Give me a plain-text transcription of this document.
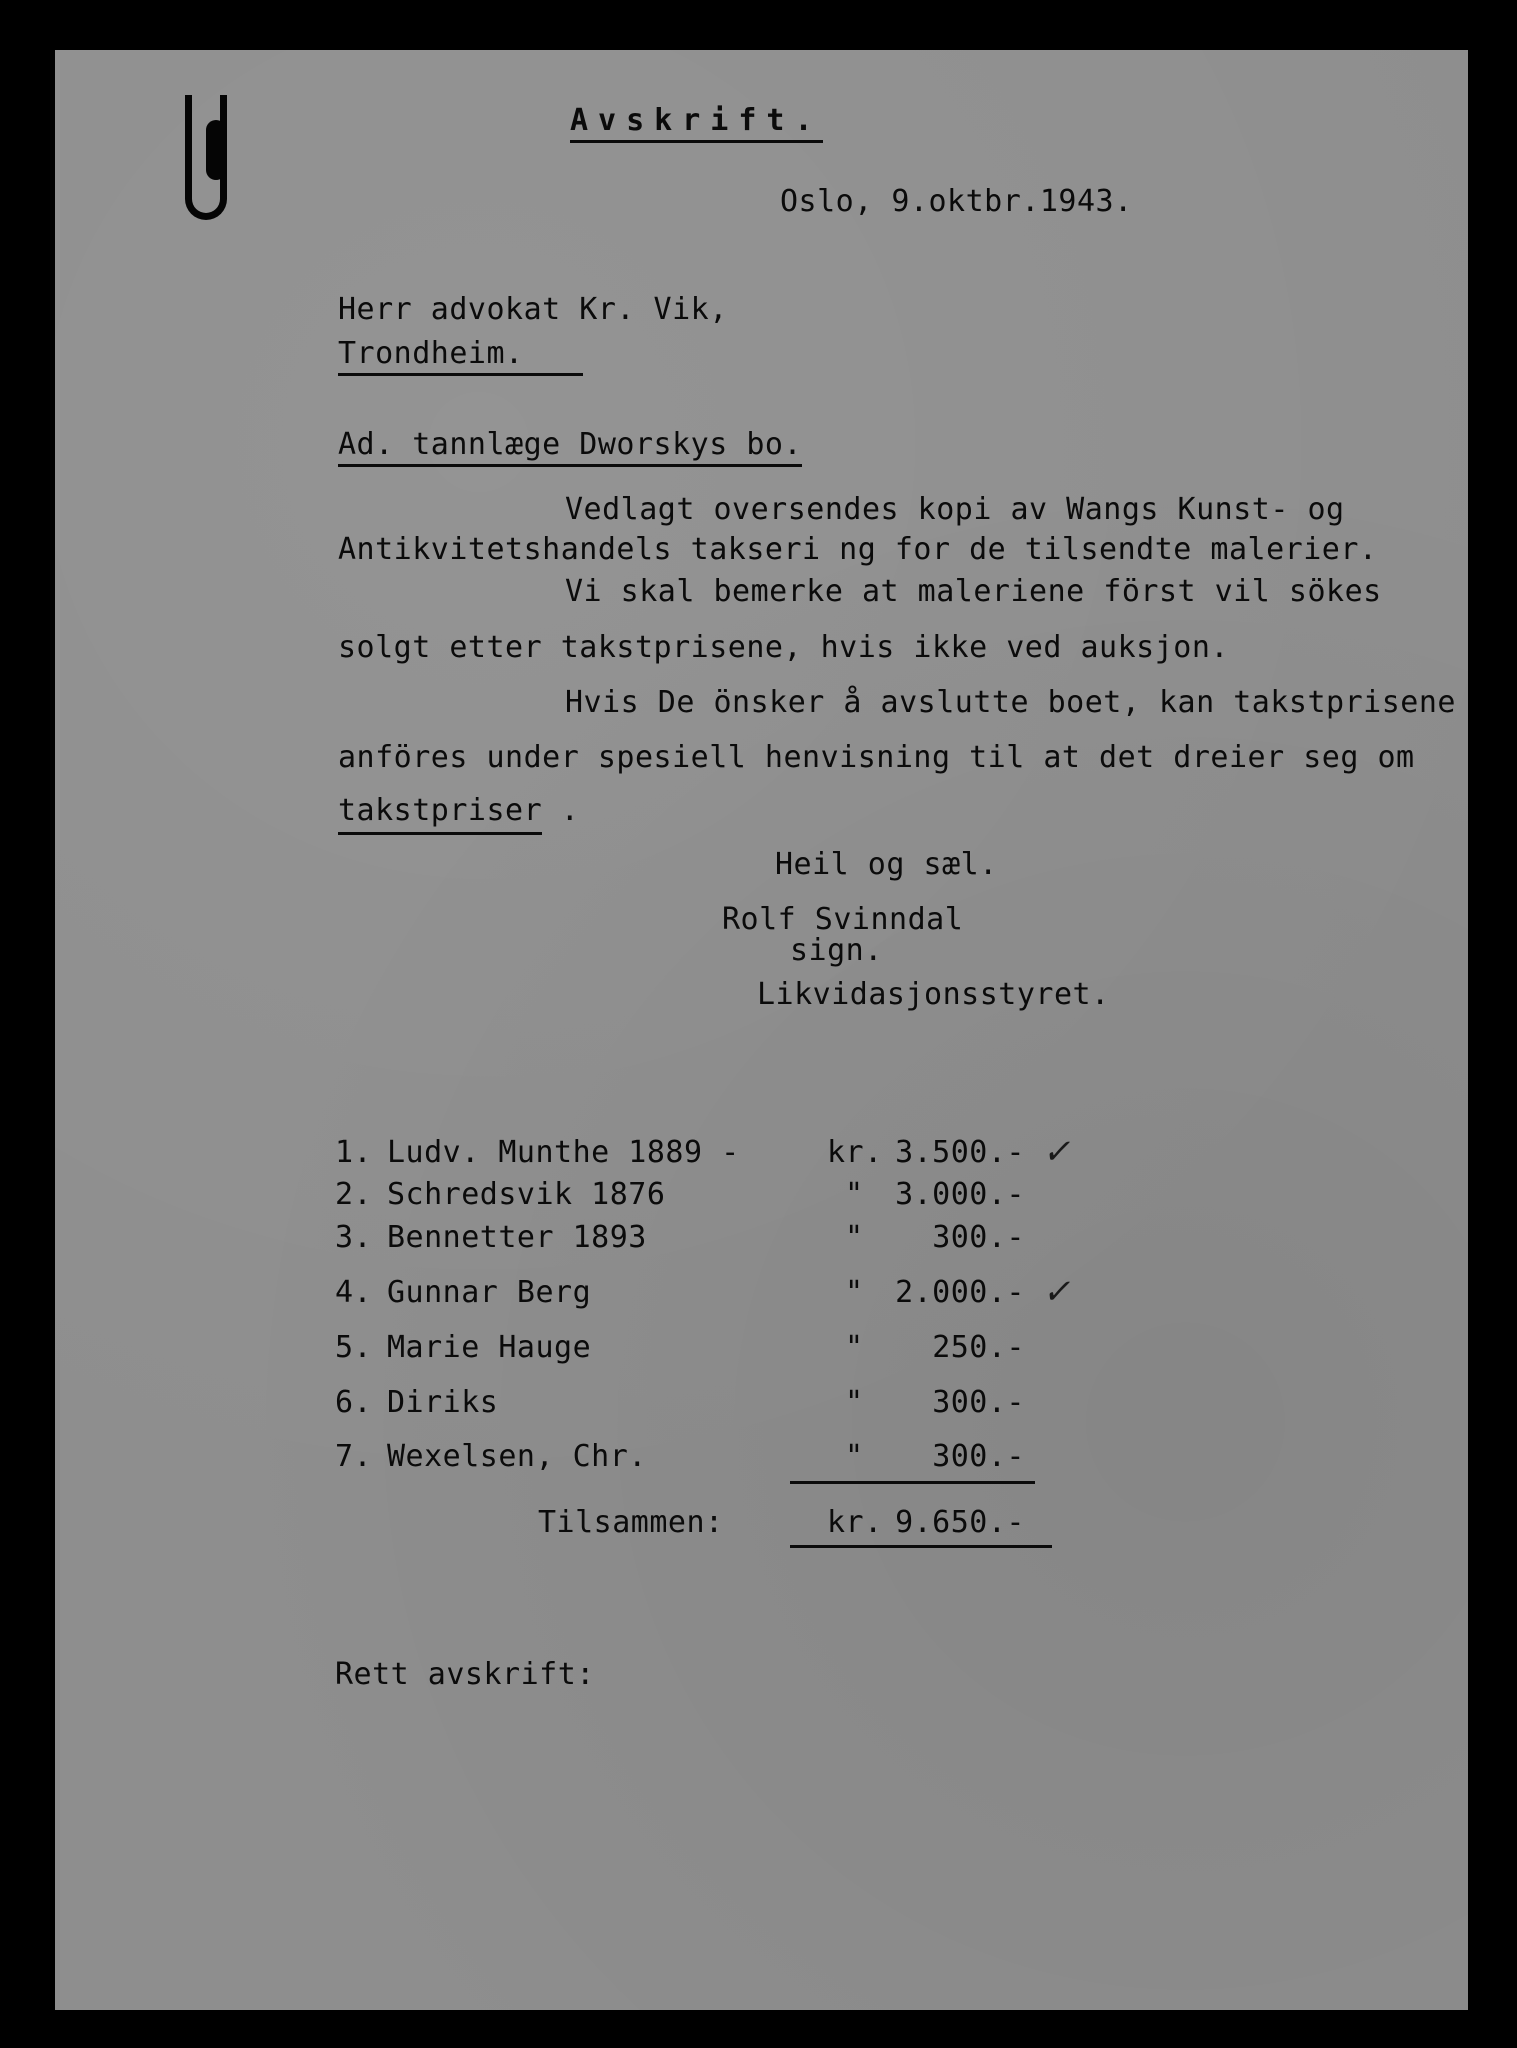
Avskrift.
Oslo, 9.oktbr.1943.
Herr advokat Kr. Vik,
Trondheim.
Ad. tannlæge Dworskys bo.
Vedlagt oversendes kopi av Wangs Kunst- og
Antikvitetshandels takseri ng for de tilsendte malerier.
Vi skal bemerke at maleriene först vil sökes
solgt etter takstprisene, hvis ikke ved auksjon.
Hvis De önsker å avslutte boet, kan takstprisene
anföres under spesiell henvisning til at det dreier seg om
takstpriser .
Heil og sæl.
Rolf Svinndal
sign.
Likvidasjonsstyret.
1. Ludv. Munthe 1889 -	kr. 3.500.- ✓
2. Schredsvik 1876	"	3.000.-
3. Bennetter 1893	"	300.-
4. Gunnar Berg	"	2.000.- ✓
5. Marie Hauge	"	250.-
6. Diriks	"	300.-
7. Wexelsen, Chr.	"	300.-
Tilsammen:	kr. 9.650.-
Rett avskrift:
